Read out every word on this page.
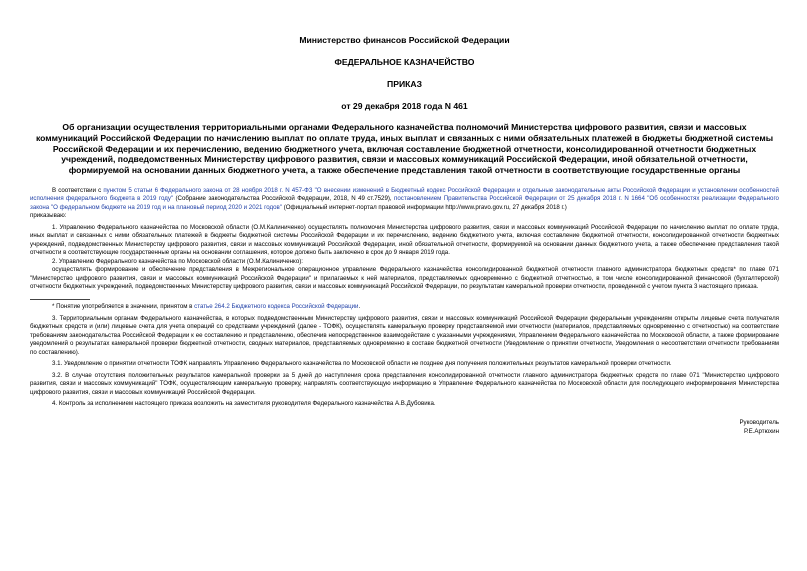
Министерство финансов Российской Федерации
ФЕДЕРАЛЬНОЕ КАЗНАЧЕЙСТВО
ПРИКАЗ
от 29 декабря 2018 года N 461
Об организации осуществления территориальными органами Федерального казначейства полномочий Министерства цифрового развития, связи и массовых коммуникаций Российской Федерации по начислению выплат по оплате труда, иных выплат и связанных с ними обязательных платежей в бюджеты бюджетной системы Российской Федерации и их перечислению, ведению бюджетного учета, включая составление бюджетной отчетности, консолидированной отчетности бюджетных учреждений, подведомственных Министерству цифрового развития, связи и массовых коммуникаций Российской Федерации, иной обязательной отчетности, формируемой на основании данных бюджетного учета, а также обеспечение представления такой отчетности в соответствующие государственные органы

В соответствии с пунктом 5 статьи 6 Федерального закона от 28 ноября 2018 г. N 457-ФЗ "О внесении изменений в Бюджетный кодекс Российской Федерации и отдельные законодательные акты Российской Федерации и установлении особенностей исполнения федерального бюджета в 2019 году" (Собрание законодательства Российской Федерации, 2018, N 49 ст.7529), постановлением Правительства Российской Федерации от 25 декабря 2018 г. N 1664 "Об особенностях реализации Федерального закона "О федеральном бюджете на 2019 год и на плановый период 2020 и 2021 годов" (Официальный интернет-портал правовой информации http://www.pravo.gov.ru, 27 декабря 2018 г.)

приказываю:

1. Управлению Федерального казначейства по Московской области (О.М.Калиниченко) осуществлять полномочия Министерства цифрового развития, связи и массовых коммуникаций Российской Федерации по начислению выплат по оплате труда, иных выплат и связанных с ними обязательных платежей в бюджеты бюджетной системы Российской Федерации и их перечислению, ведению бюджетного учета, включая составление бюджетной отчетности, консолидированной отчетности бюджетных учреждений, подведомственных Министерству цифрового развития, связи и массовых коммуникаций Российской Федерации, иной обязательной отчетности, формируемой на основании данных бюджетного учета, а также обеспечение представления такой отчетности в соответствующие государственные органы на основании соглашения, которое должно быть заключено в срок до 9 января 2019 года.

2. Управлению Федерального казначейства по Московской области (О.М.Калиниченко):

осуществлять формирование и обеспечение представления в Межрегиональное операционное управление Федерального казначейства консолидированной бюджетной отчетности главного администратора бюджетных средств* по главе 071 "Министерство цифрового развития, связи и массовых коммуникаций Российской Федерации" и прилагаемых к ней материалов, представляемых одновременно с бюджетной отчетностью, в том числе консолидированной финансовой (бухгалтерской) отчетности бюджетных учреждений, подведомственных Министерству цифрового развития, связи и массовых коммуникаций Российской Федерации, по результатам камеральной проверки отчетности, проведенной с учетом пункта 3 настоящего приказа.

* Понятие употребляется в значении, принятом в статье 264.2 Бюджетного кодекса Российской Федерации.

3. Территориальным органам Федерального казначейства, в которых подведомственным Министерству цифрового развития, связи и массовых коммуникаций Российской Федерации федеральным учреждениям открыты лицевые счета получателя бюджетных средств и (или) лицевые счета для учета операций со средствами учреждений (далее - ТОФК), осуществлять камеральную проверку представляемой ими отчетности (материалов, представляемых одновременно с отчетностью) на соответствие требованиям законодательства Российской Федерации к ее составлению и представлению, обеспечив непосредственное взаимодействие с указанными учреждениями, Управлением Федерального казначейства по Московской области, а также формирование уведомлений о результатах камеральной проверки бюджетной отчетности, сводных материалов, представляемых одновременно в составе бюджетной отчетности (Уведомление о принятии отчетности, Уведомления о несоответствии отчетности требованиям по составлению).

3.1. Уведомление о принятии отчетности ТОФК направлять Управлению Федерального казначейства по Московской области не позднее дня получения положительных результатов камеральной проверки отчетности.

3.2. В случае отсутствия положительных результатов камеральной проверки за 5 дней до наступления срока представления консолидированной отчетности главного администратора бюджетных средств по главе 071 "Министерство цифрового развития, связи и массовых коммуникаций" ТОФК, осуществляющим камеральную проверку, направлять соответствующую информацию в Управление Федерального казначейства по Московской области для последующего информирования Министерства цифрового развития, связи и массовых коммуникаций Российской Федерации.

4. Контроль за исполнением настоящего приказа возложить на заместителя руководителя Федерального казначейства А.В.Дубовика.

Руководитель
Р.Е.Артюхин
